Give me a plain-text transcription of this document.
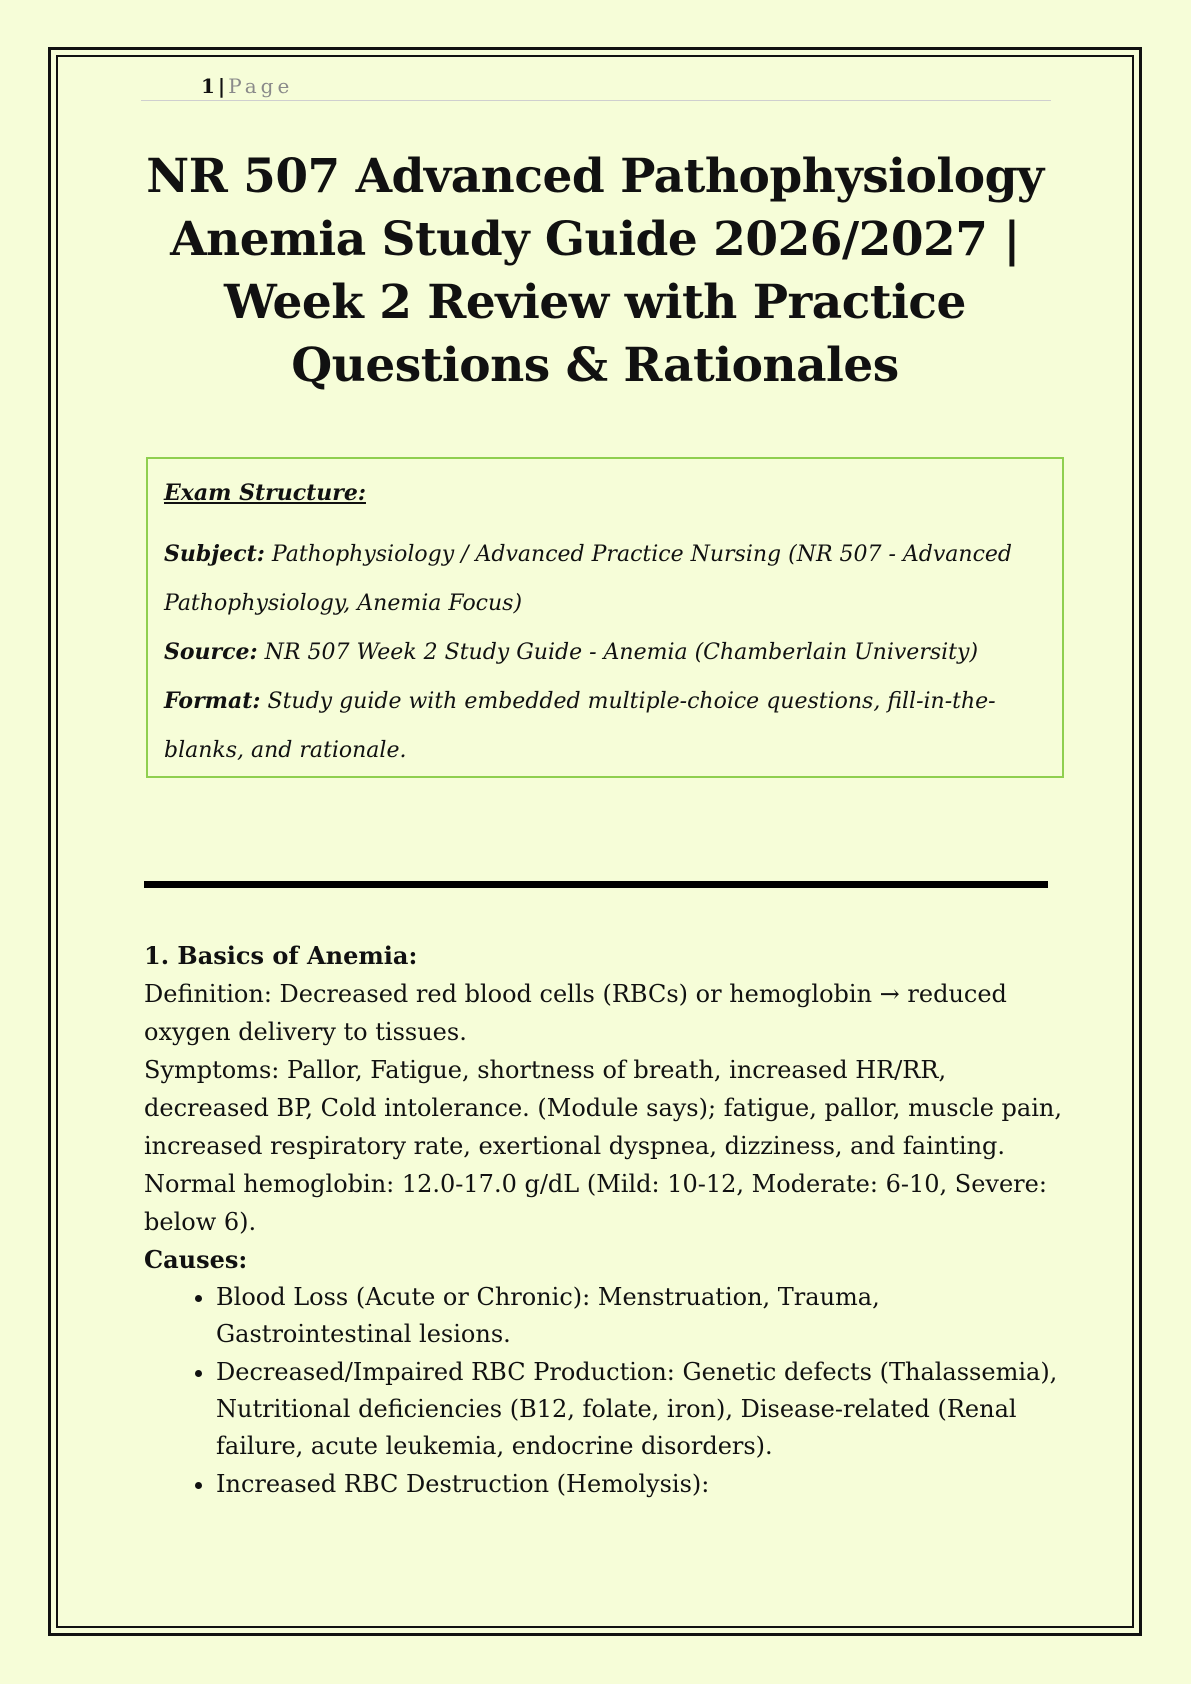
1 | Page
NR 507 Advanced Pathophysiology
Anemia Study Guide 2026/2027 |
Week 2 Review with Practice
Questions & Rationales

Exam Structure:

Subject: Pathophysiology / Advanced Practice Nursing (NR 507 - Advanced Pathophysiology, Anemia Focus)

Source: NR 507 Week 2 Study Guide - Anemia (Chamberlain University)

Format: Study guide with embedded multiple-choice questions, fill-in-the-blanks, and rationale.

1. Basics of Anemia:

Definition: Decreased red blood cells (RBCs) or hemoglobin → reduced oxygen delivery to tissues.

Symptoms: Pallor, Fatigue, shortness of breath, increased HR/RR, decreased BP, Cold intolerance. (Module says); fatigue, pallor, muscle pain, increased respiratory rate, exertional dyspnea, dizziness, and fainting.

Normal hemoglobin: 12.0-17.0 g/dL (Mild: 10-12, Moderate: 6-10, Severe: below 6).

Causes:

• Blood Loss (Acute or Chronic): Menstruation, Trauma, Gastrointestinal lesions.
• Decreased/Impaired RBC Production: Genetic defects (Thalassemia), Nutritional deficiencies (B12, folate, iron), Disease-related (Renal failure, acute leukemia, endocrine disorders).
• Increased RBC Destruction (Hemolysis):
